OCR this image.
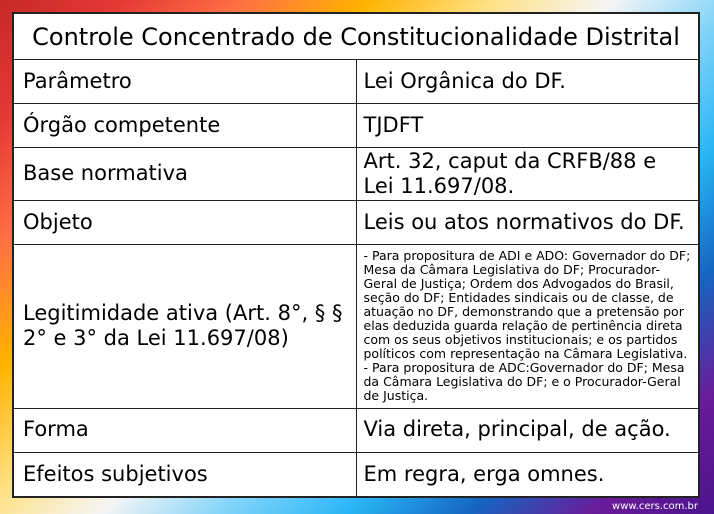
Controle Concentrado de Constitucionalidade Distrital	
Parâmetro	Lei Orgânica do DF.
Órgão competente	TJDFT
Base normativa	Art. 32, caput da CRFB/88 e Lei 11.697/08.
Objeto	Leis ou atos normativos do DF.
Legitimidade ativa (Art. 8°, § § 2° e 3° da Lei 11.697/08)	- Para propositura de ADI e ADO: Governador do DF; Mesa da Câmara Legislativa do DF; Procurador-Geral de Justiça; Ordem dos Advogados do Brasil, seção do DF; Entidades sindicais ou de classe, de atuação no DF, demonstrando que a pretensão por elas deduzida guarda relação de pertinência direta com os seus objetivos institucionais; e os partidos políticos com representação na Câmara Legislativa.
- Para propositura de ADC:Governador do DF; Mesa da Câmara Legislativa do DF; e o Procurador-Geral de Justiça.

Forma	Via direta, principal, de ação.
Efeitos subjetivos	Em regra, erga omnes.
www.cers.com.br
